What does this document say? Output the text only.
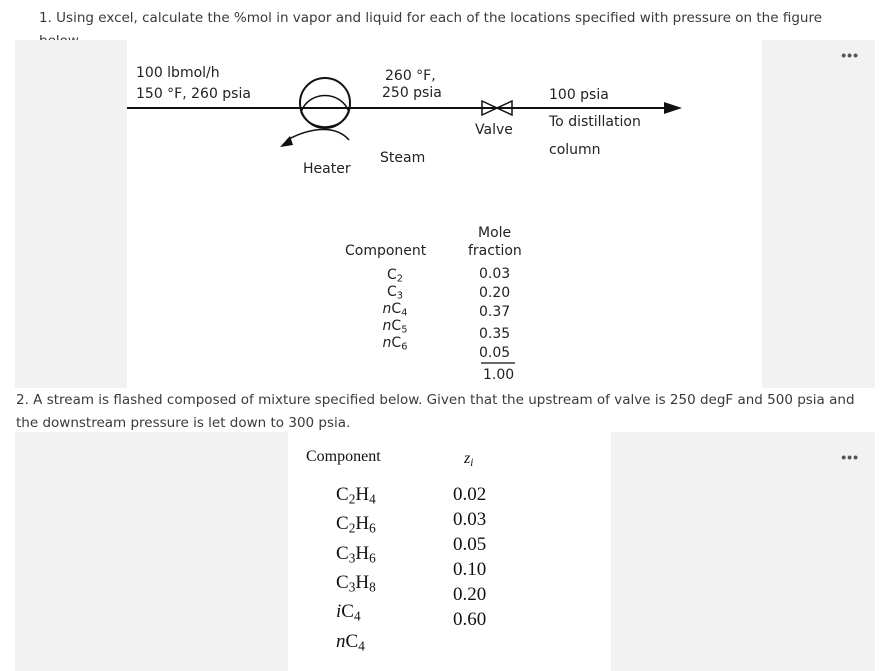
1. Using excel, calculate the %mol in vapor and liquid for each of the locations specified with pressure on the figure
100 lbmol/h
150 °F, 260 psia
260 °F,
250 psia
Heater
Steam
Valve
100 psia
To distillation
column
Component
Mole
fraction
$C_2$
$C_3$
$nC_4$
$nC_5$
$nC_6$
0.03
0.20
0.37
0.35
0.05
1.00
•••
2. A stream is flashed composed of mixture specified below. Given that the upstream of valve is 250 degF and 500 psia and the downstream pressure is let down to 300 psia.
Component	$z_i$
$C_2H_4$
$C_2H_6$
$C_3H_6$
$C_3H_8$
$iC_4$
$nC_4$
0.02
0.03
0.05
0.10
0.20
0.60
•••
